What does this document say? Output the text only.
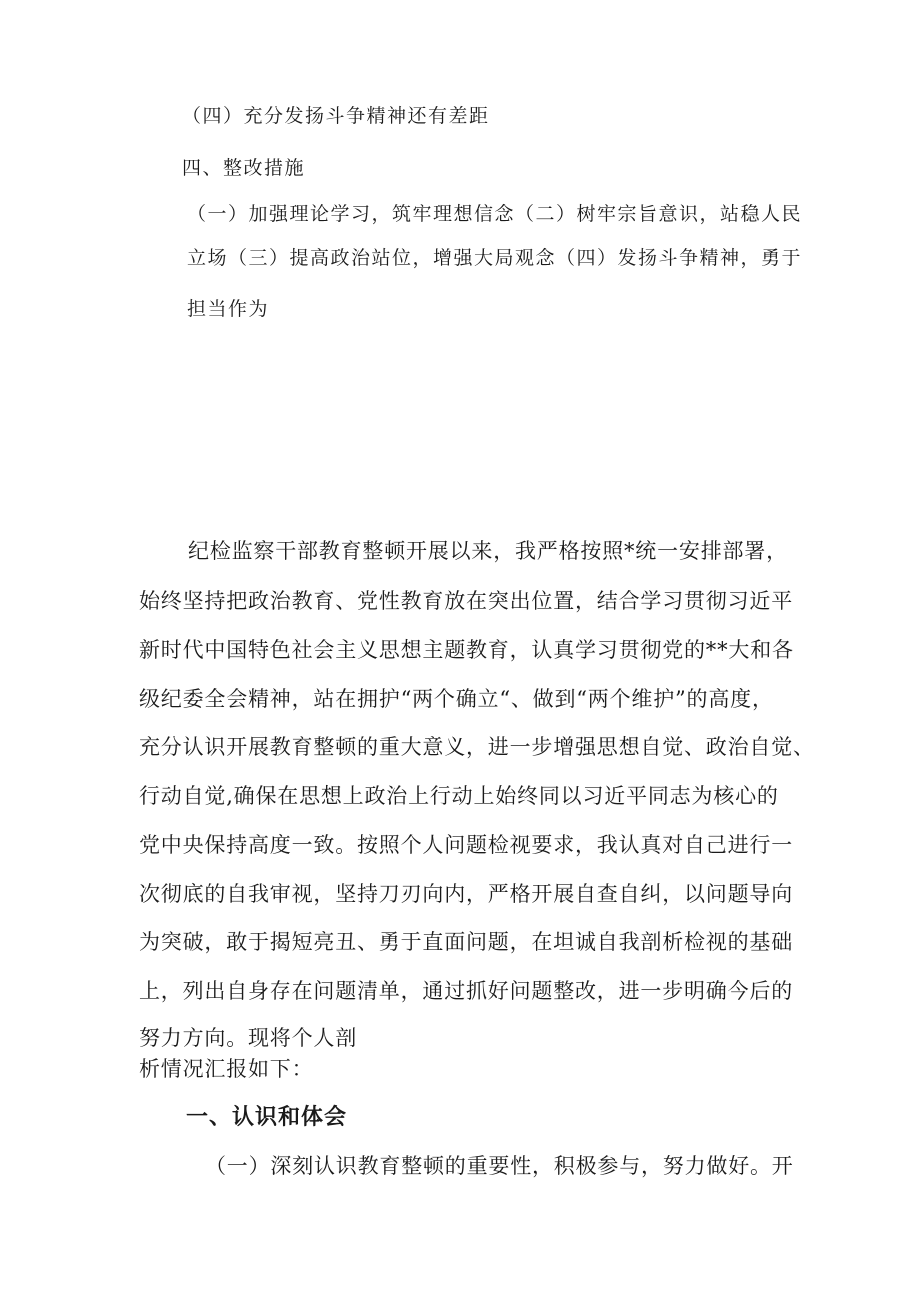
（四）充分发扬斗争精神还有差距

四、整改措施

（一）加强理论学习，筑牢理想信念（二）树牢宗旨意识，站稳人民

立场（三）提高政治站位，增强大局观念（四）发扬斗争精神，勇于

担当作为

纪检监察干部教育整顿开展以来，我严格按照*统一安排部署，

始终坚持把政治教育、党性教育放在突出位置，结合学习贯彻习近平

新时代中国特色社会主义思想主题教育，认真学习贯彻党的**大和各

级纪委全会精神，站在拥护“两个确立“、做到“两个维护”的高度，

充分认识开展教育整顿的重大意义，进一步增强思想自觉、政治自觉、

行动自觉,确保在思想上政治上行动上始终同以习近平同志为核心的

党中央保持高度一致。按照个人问题检视要求，我认真对自己进行一

次彻底的自我审视，坚持刀刃向内，严格开展自查自纠，以问题导向

为突破，敢于揭短亮丑、勇于直面问题，在坦诚自我剖析检视的基础

上，列出自身存在问题清单，通过抓好问题整改，进一步明确今后的

努力方向。现将个人剖

析情况汇报如下：

一、认识和体会

（一）深刻认识教育整顿的重要性，积极参与，努力做好。开
